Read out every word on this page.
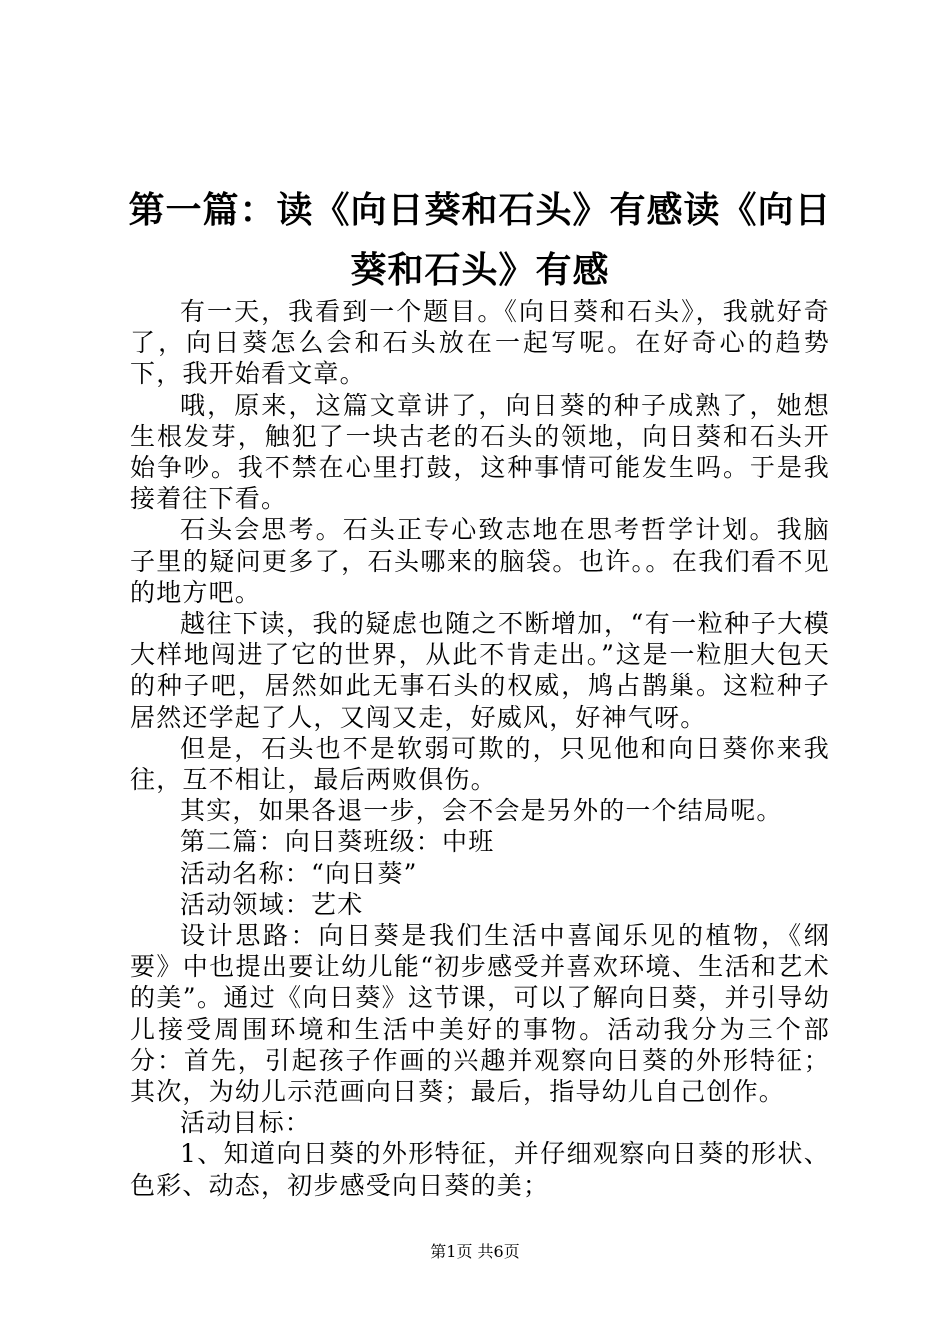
第一篇：读《向日葵和石头》有感读《向日葵和石头》有感

有一天，我看到一个题目。《向日葵和石头》，我就好奇了，向日葵怎么会和石头放在一起写呢。在好奇心的趋势下，我开始看文章。

哦，原来，这篇文章讲了，向日葵的种子成熟了，她想生根发芽，触犯了一块古老的石头的领地，向日葵和石头开始争吵。我不禁在心里打鼓，这种事情可能发生吗。于是我接着往下看。

石头会思考。石头正专心致志地在思考哲学计划。我脑子里的疑问更多了，石头哪来的脑袋。也许。。在我们看不见的地方吧。

越往下读，我的疑虑也随之不断增加，“有一粒种子大模大样地闯进了它的世界，从此不肯走出。”这是一粒胆大包天的种子吧，居然如此无事石头的权威，鸠占鹊巢。这粒种子居然还学起了人，又闯又走，好威风，好神气呀。

但是，石头也不是软弱可欺的，只见他和向日葵你来我往，互不相让，最后两败俱伤。

其实，如果各退一步，会不会是另外的一个结局呢。

第二篇：向日葵班级：中班

活动名称：“向日葵”

活动领域：艺术

设计思路：向日葵是我们生活中喜闻乐见的植物，《纲要》中也提出要让幼儿能“初步感受并喜欢环境、生活和艺术的美”。通过《向日葵》这节课，可以了解向日葵，并引导幼儿接受周围环境和生活中美好的事物。活动我分为三个部分：首先，引起孩子作画的兴趣并观察向日葵的外形特征；其次，为幼儿示范画向日葵；最后，指导幼儿自己创作。

活动目标：

1、知道向日葵的外形特征，并仔细观察向日葵的形状、色彩、动态，初步感受向日葵的美；

第1页 共6页
